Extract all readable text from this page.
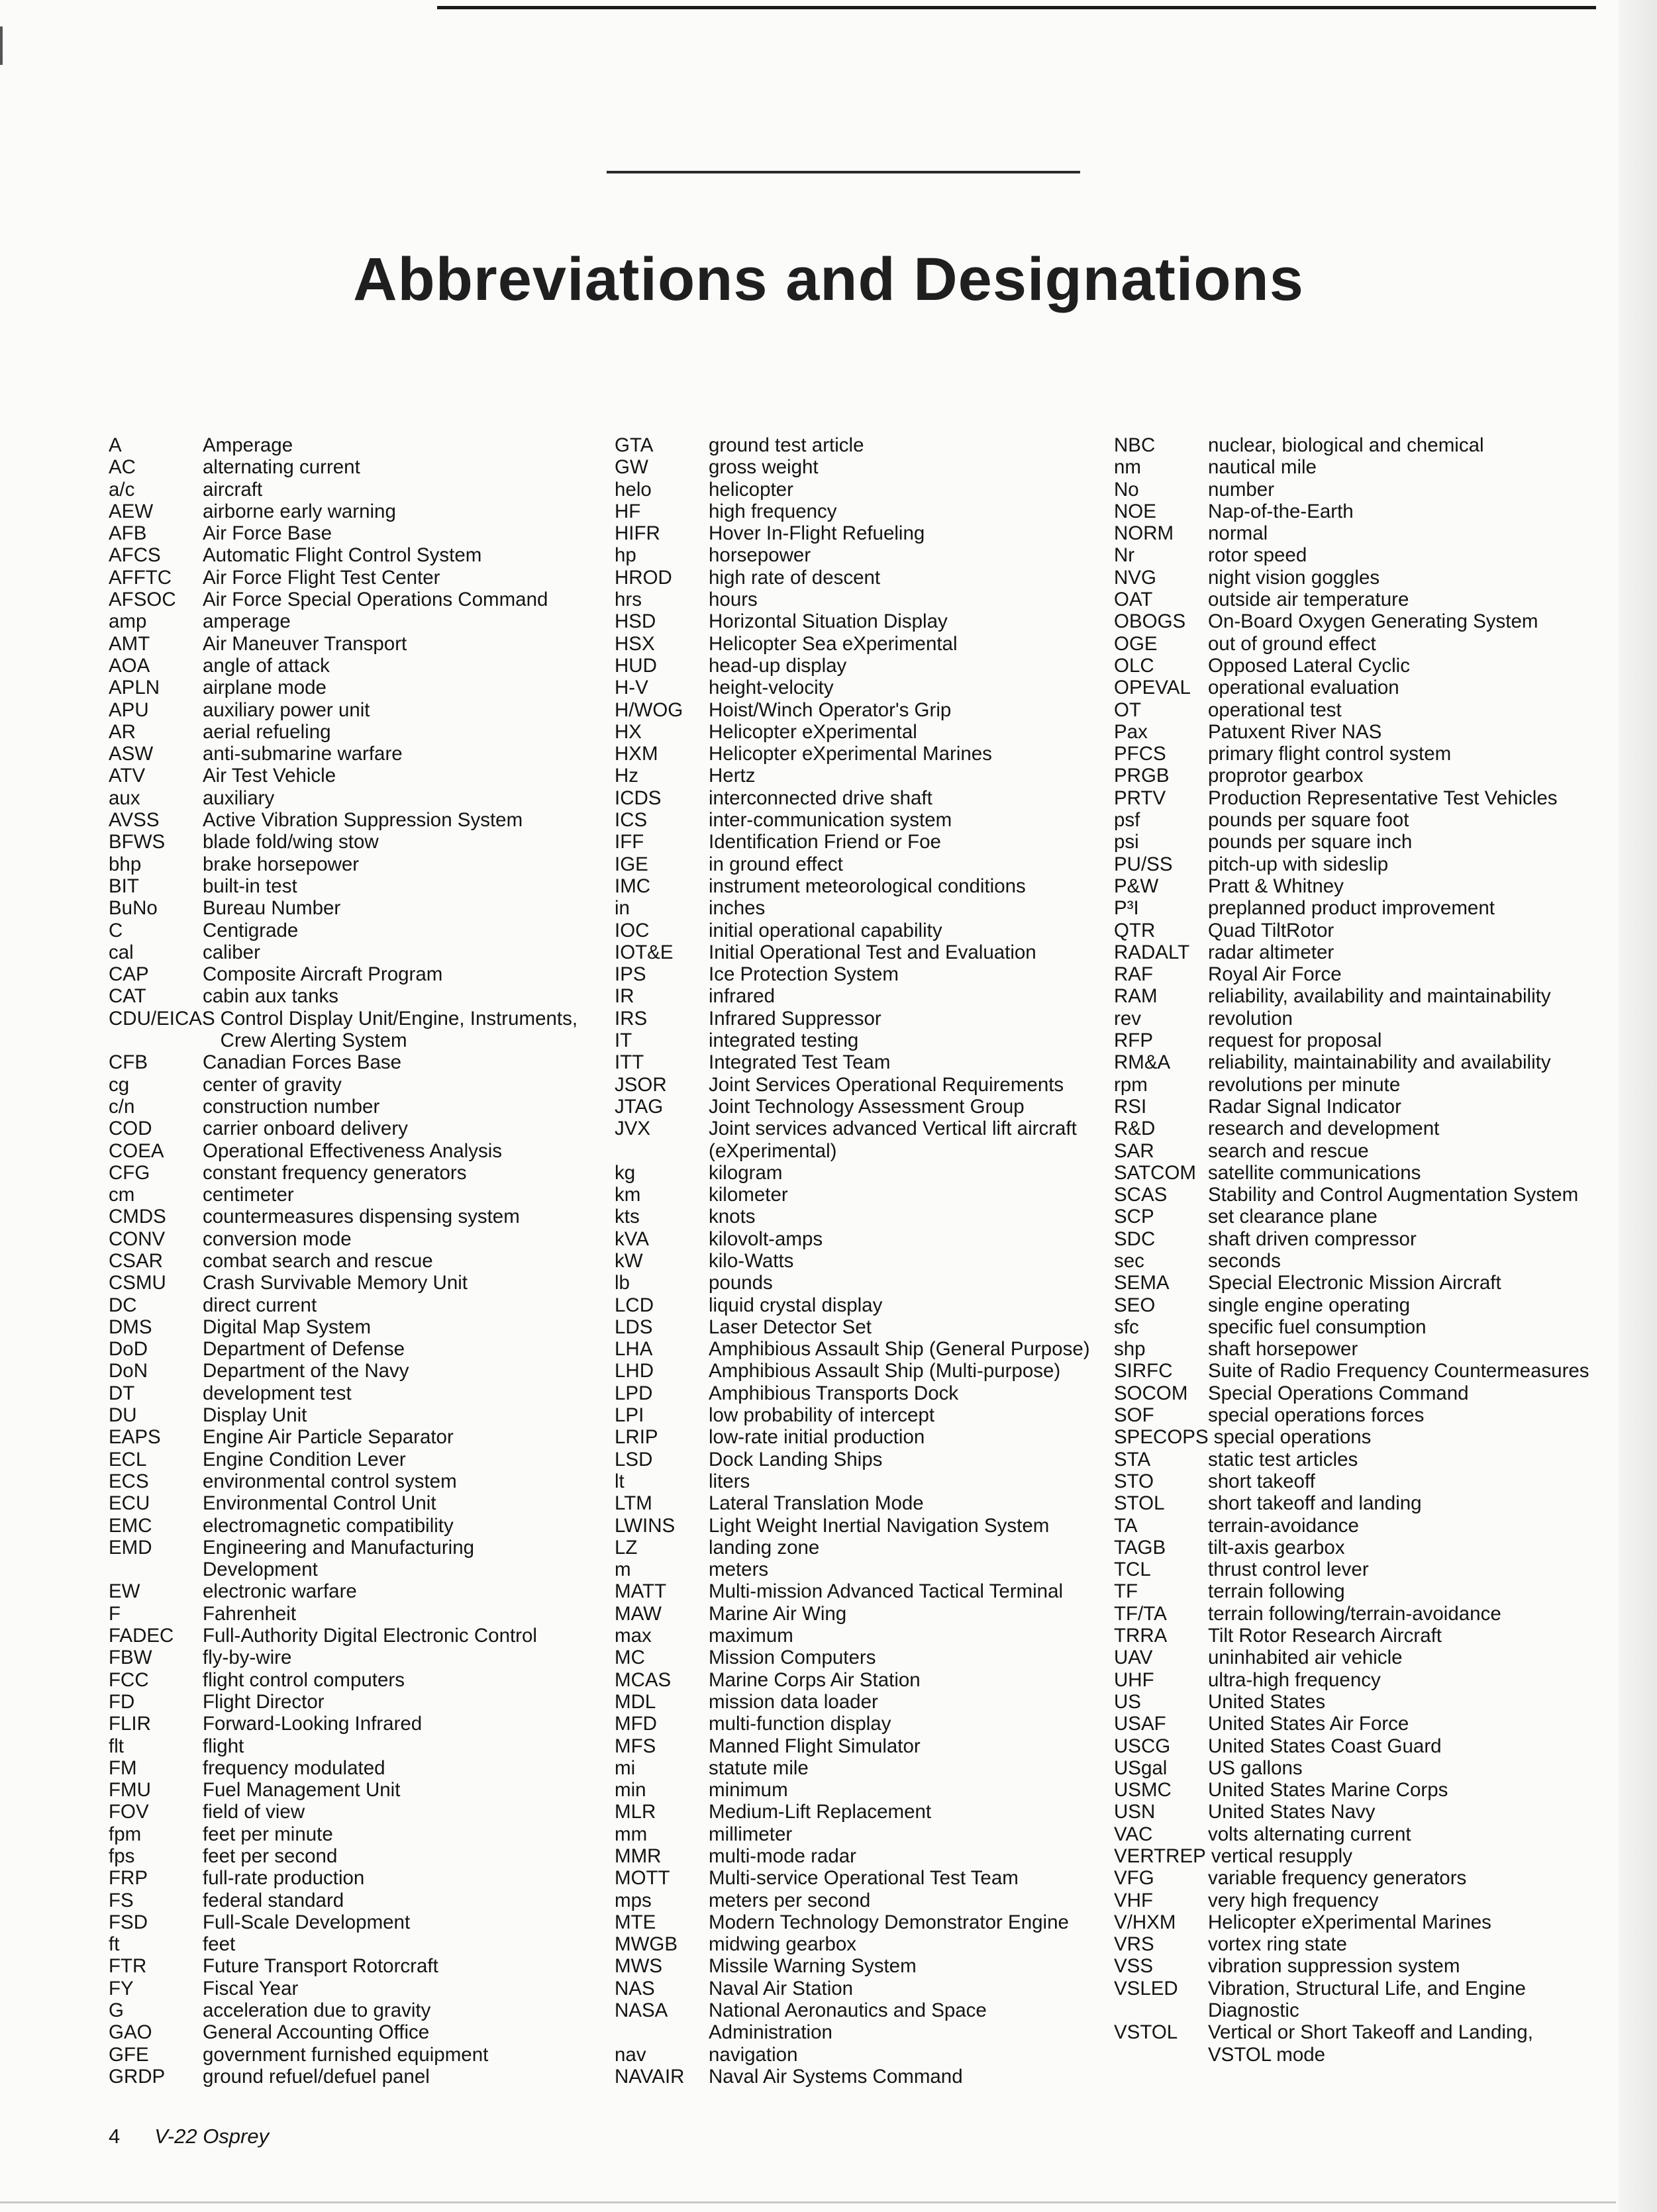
Abbreviations and Designations
A	Amperage
AC	alternating current
a/c	aircraft
AEW	airborne early warning
AFB	Air Force Base
AFCS	Automatic Flight Control System
AFFTC	Air Force Flight Test Center
AFSOC	Air Force Special Operations Command
amp	amperage
AMT	Air Maneuver Transport
AOA	angle of attack
APLN	airplane mode
APU	auxiliary power unit
AR	aerial refueling
ASW	anti-submarine warfare
ATV	Air Test Vehicle
aux	auxiliary
AVSS	Active Vibration Suppression System
BFWS	blade fold/wing stow
bhp	brake horsepower
BIT	built-in test
BuNo	Bureau Number
C	Centigrade
cal	caliber
CAP	Composite Aircraft Program
CAT	cabin aux tanks
CDU/EICAS Control Display Unit/Engine, Instruments, Crew Alerting System
CFB	Canadian Forces Base
cg	center of gravity
c/n	construction number
COD	carrier onboard delivery
COEA	Operational Effectiveness Analysis
CFG	constant frequency generators
cm	centimeter
CMDS	countermeasures dispensing system
CONV	conversion mode
CSAR	combat search and rescue
CSMU	Crash Survivable Memory Unit
DC	direct current
DMS	Digital Map System
DoD	Department of Defense
DoN	Department of the Navy
DT	development test
DU	Display Unit
EAPS	Engine Air Particle Separator
ECL	Engine Condition Lever
ECS	environmental control system
ECU	Environmental Control Unit
EMC	electromagnetic compatibility
EMD	Engineering and Manufacturing Development
EW	electronic warfare
F	Fahrenheit
FADEC	Full-Authority Digital Electronic Control
FBW	fly-by-wire
FCC	flight control computers
FD	Flight Director
FLIR	Forward-Looking Infrared
flt	flight
FM	frequency modulated
FMU	Fuel Management Unit
FOV	field of view
fpm	feet per minute
fps	feet per second
FRP	full-rate production
FS	federal standard
FSD	Full-Scale Development
ft	feet
FTR	Future Transport Rotorcraft
FY	Fiscal Year
G	acceleration due to gravity
GAO	General Accounting Office
GFE	government furnished equipment
GRDP	ground refuel/defuel panel
GTA	ground test article
GW	gross weight
helo	helicopter
HF	high frequency
HIFR	Hover In-Flight Refueling
hp	horsepower
HROD	high rate of descent
hrs	hours
HSD	Horizontal Situation Display
HSX	Helicopter Sea eXperimental
HUD	head-up display
H-V	height-velocity
H/WOG	Hoist/Winch Operator's Grip
HX	Helicopter eXperimental
HXM	Helicopter eXperimental Marines
Hz	Hertz
ICDS	interconnected drive shaft
ICS	inter-communication system
IFF	Identification Friend or Foe
IGE	in ground effect
IMC	instrument meteorological conditions
in	inches
IOC	initial operational capability
IOT&E	Initial Operational Test and Evaluation
IPS	Ice Protection System
IR	infrared
IRS	Infrared Suppressor
IT	integrated testing
ITT	Integrated Test Team
JSOR	Joint Services Operational Requirements
JTAG	Joint Technology Assessment Group
JVX	Joint services advanced Vertical lift aircraft (eXperimental)
kg	kilogram
km	kilometer
kts	knots
kVA	kilovolt-amps
kW	kilo-Watts
lb	pounds
LCD	liquid crystal display
LDS	Laser Detector Set
LHA	Amphibious Assault Ship (General Purpose)
LHD	Amphibious Assault Ship (Multi-purpose)
LPD	Amphibious Transports Dock
LPI	low probability of intercept
LRIP	low-rate initial production
LSD	Dock Landing Ships
lt	liters
LTM	Lateral Translation Mode
LWINS	Light Weight Inertial Navigation System
LZ	landing zone
m	meters
MATT	Multi-mission Advanced Tactical Terminal
MAW	Marine Air Wing
max	maximum
MC	Mission Computers
MCAS	Marine Corps Air Station
MDL	mission data loader
MFD	multi-function display
MFS	Manned Flight Simulator
mi	statute mile
min	minimum
MLR	Medium-Lift Replacement
mm	millimeter
MMR	multi-mode radar
MOTT	Multi-service Operational Test Team
mps	meters per second
MTE	Modern Technology Demonstrator Engine
MWGB	midwing gearbox
MWS	Missile Warning System
NAS	Naval Air Station
NASA	National Aeronautics and Space Administration
nav	navigation
NAVAIR	Naval Air Systems Command
NBC	nuclear, biological and chemical
nm	nautical mile
No	number
NOE	Nap-of-the-Earth
NORM	normal
Nr	rotor speed
NVG	night vision goggles
OAT	outside air temperature
OBOGS	On-Board Oxygen Generating System
OGE	out of ground effect
OLC	Opposed Lateral Cyclic
OPEVAL operational evaluation
OT	operational test
Pax	Patuxent River NAS
PFCS	primary flight control system
PRGB	proprotor gearbox
PRTV	Production Representative Test Vehicles
psf	pounds per square foot
psi	pounds per square inch
PU/SS	pitch-up with sideslip
P&W	Pratt & Whitney
P³I	preplanned product improvement
QTR	Quad TiltRotor
RADALT radar altimeter
RAF	Royal Air Force
RAM	reliability, availability and maintainability
rev	revolution
RFP	request for proposal
RM&A	reliability, maintainability and availability
rpm	revolutions per minute
RSI	Radar Signal Indicator
R&D	research and development
SAR	search and rescue
SATCOM satellite communications
SCAS	Stability and Control Augmentation System
SCP	set clearance plane
SDC	shaft driven compressor
sec	seconds
SEMA	Special Electronic Mission Aircraft
SEO	single engine operating
sfc	specific fuel consumption
shp	shaft horsepower
SIRFC	Suite of Radio Frequency Countermeasures
SOCOM	Special Operations Command
SOF	special operations forces
SPECOPS special operations
STA	static test articles
STO	short takeoff
STOL	short takeoff and landing
TA	terrain-avoidance
TAGB	tilt-axis gearbox
TCL	thrust control lever
TF	terrain following
TF/TA	terrain following/terrain-avoidance
TRRA	Tilt Rotor Research Aircraft
UAV	uninhabited air vehicle
UHF	ultra-high frequency
US	United States
USAF	United States Air Force
USCG	United States Coast Guard
USgal	US gallons
USMC	United States Marine Corps
USN	United States Navy
VAC	volts alternating current
VERTREP vertical resupply
VFG	variable frequency generators
VHF	very high frequency
V/HXM	Helicopter eXperimental Marines
VRS	vortex ring state
VSS	vibration suppression system
VSLED	Vibration, Structural Life, and Engine Diagnostic
VSTOL	Vertical or Short Takeoff and Landing, VSTOL mode
4 V-22 Osprey
